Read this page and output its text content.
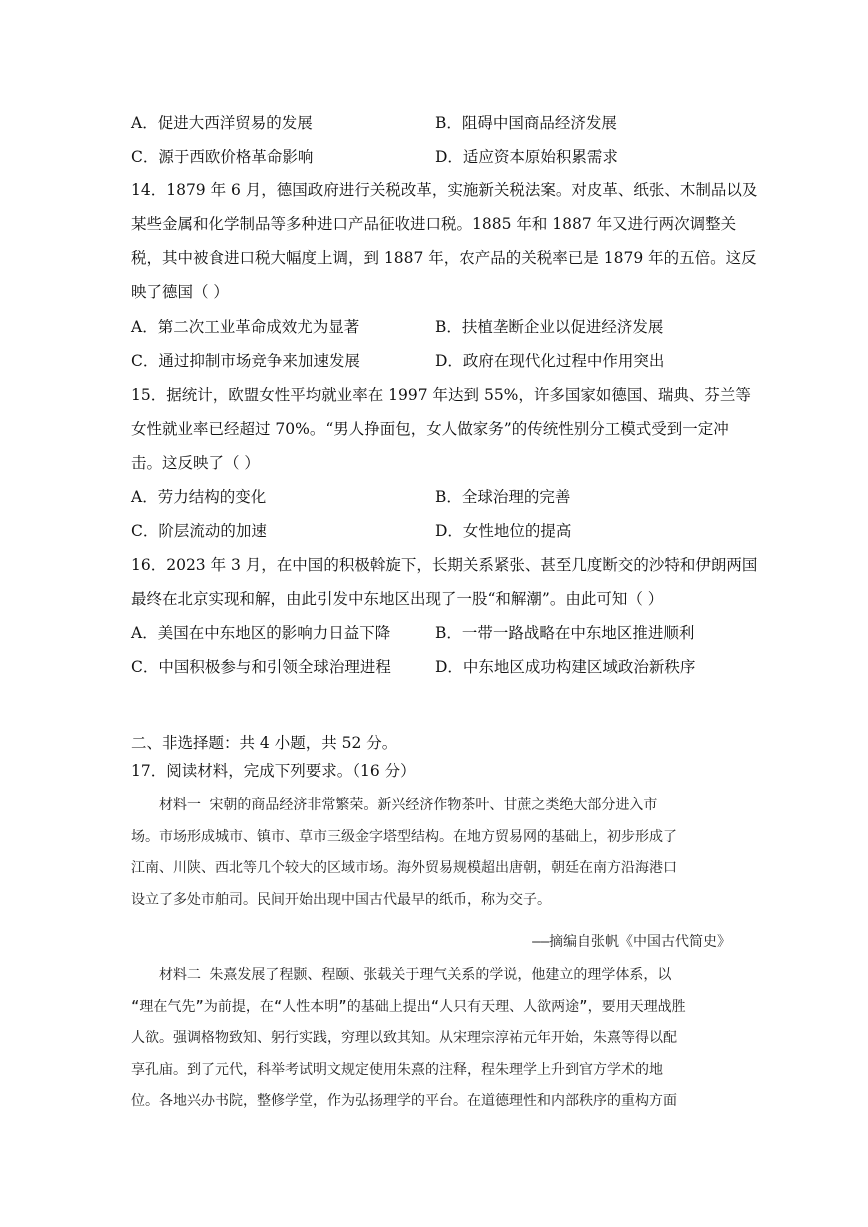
A．促进大西洋贸易的发展	B．阻碍中国商品经济发展
C．源于西欧价格革命影响	D．适应资本原始积累需求
14．1879 年 6 月，德国政府进行关税改革，实施新关税法案。对皮革、纸张、木制品以及
某些金属和化学制品等多种进口产品征收进口税。1885 年和 1887 年又进行两次调整关
税，其中被食进口税大幅度上调，到 1887 年，农产品的关税率已是 1879 年的五倍。这反
映了德国（ ）
A．第二次工业革命成效尤为显著	B．扶植垄断企业以促进经济发展
C．通过抑制市场竞争来加速发展	D．政府在现代化过程中作用突出
15．据统计，欧盟女性平均就业率在 1997 年达到 55%，许多国家如德国、瑞典、芬兰等
女性就业率已经超过 70%。“男人挣面包，女人做家务”的传统性别分工模式受到一定冲
击。这反映了（ ）
A．劳力结构的变化	B．全球治理的完善
C．阶层流动的加速	D．女性地位的提高
16．2023 年 3 月，在中国的积极斡旋下，长期关系紧张、甚至几度断交的沙特和伊朗两国
最终在北京实现和解，由此引发中东地区出现了一股“和解潮”。由此可知（ ）
A．美国在中东地区的影响力日益下降	B．一带一路战略在中东地区推进顺利
C．中国积极参与和引领全球治理进程	D．中东地区成功构建区域政治新秩序
二、非选择题：共 4 小题，共 52 分。
17．阅读材料，完成下列要求。（16 分）
材料一 宋朝的商品经济非常繁荣。新兴经济作物茶叶、甘蔗之类绝大部分进入市
场。市场形成城市、镇市、草市三级金字塔型结构。在地方贸易网的基础上，初步形成了
江南、川陕、西北等几个较大的区域市场。海外贸易规模超出唐朝，朝廷在南方沿海港口
设立了多处市舶司。民间开始出现中国古代最早的纸币，称为交子。
——摘编自张帆《中国古代简史》
材料二 朱熹发展了程颢、程颐、张载关于理气关系的学说，他建立的理学体系，以
“理在气先”为前提，在“人性本明”的基础上提出“人只有天理、人欲两途”，要用天理战胜
人欲。强调格物致知、躬行实践，穷理以致其知。从宋理宗淳祐元年开始，朱熹等得以配
享孔庙。到了元代，科举考试明文规定使用朱熹的注释，程朱理学上升到官方学术的地
位。各地兴办书院，整修学堂，作为弘扬理学的平台。在道德理性和内部秩序的重构方面
